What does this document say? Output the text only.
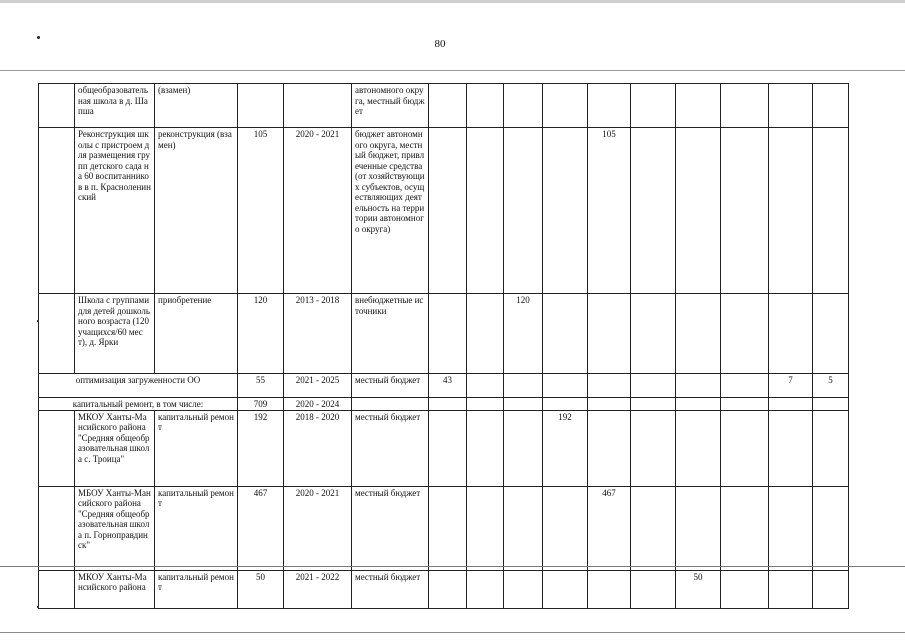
80
	общеобразовательная школа в д. Шапша	(взамен)			автономного округа, местный бюджет										
	Реконструкция школы с пристроем для размещения групп детского сада на 60 воспитанников в п. Красноленинский	реконструкция (взамен)	105	2020 - 2021	бюджет автономного округа, местный бюджет, привлеченные средства (от хозяйствующих субъектов, осуществляющих деятельность на территории автономного округа)					105					
	Школа с группами для детей дошкольного возраста (120 учащихся/60 мест), д. Ярки	приобретение	120	2013 - 2018	внебюджетные источники			120							
оптимизация загруженности ОО			55	2021 - 2025	местный бюджет	43								7	5
капитальный ремонт, в том числе:			709	2020 - 2024											
	МКОУ Ханты-Мансийского района "Средняя общеобразовательная школа с. Троица"	капитальный ремонт	192	2018 - 2020	местный бюджет				192						
	МБОУ Ханты-Мансийского района "Средняя общеобразовательная школа п. Горноправдинск"	капитальный ремонт	467	2020 - 2021	местный бюджет					467					
	МКОУ Ханты-Мансийского района	капитальный ремонт	50	2021 - 2022	местный бюджет							50			
